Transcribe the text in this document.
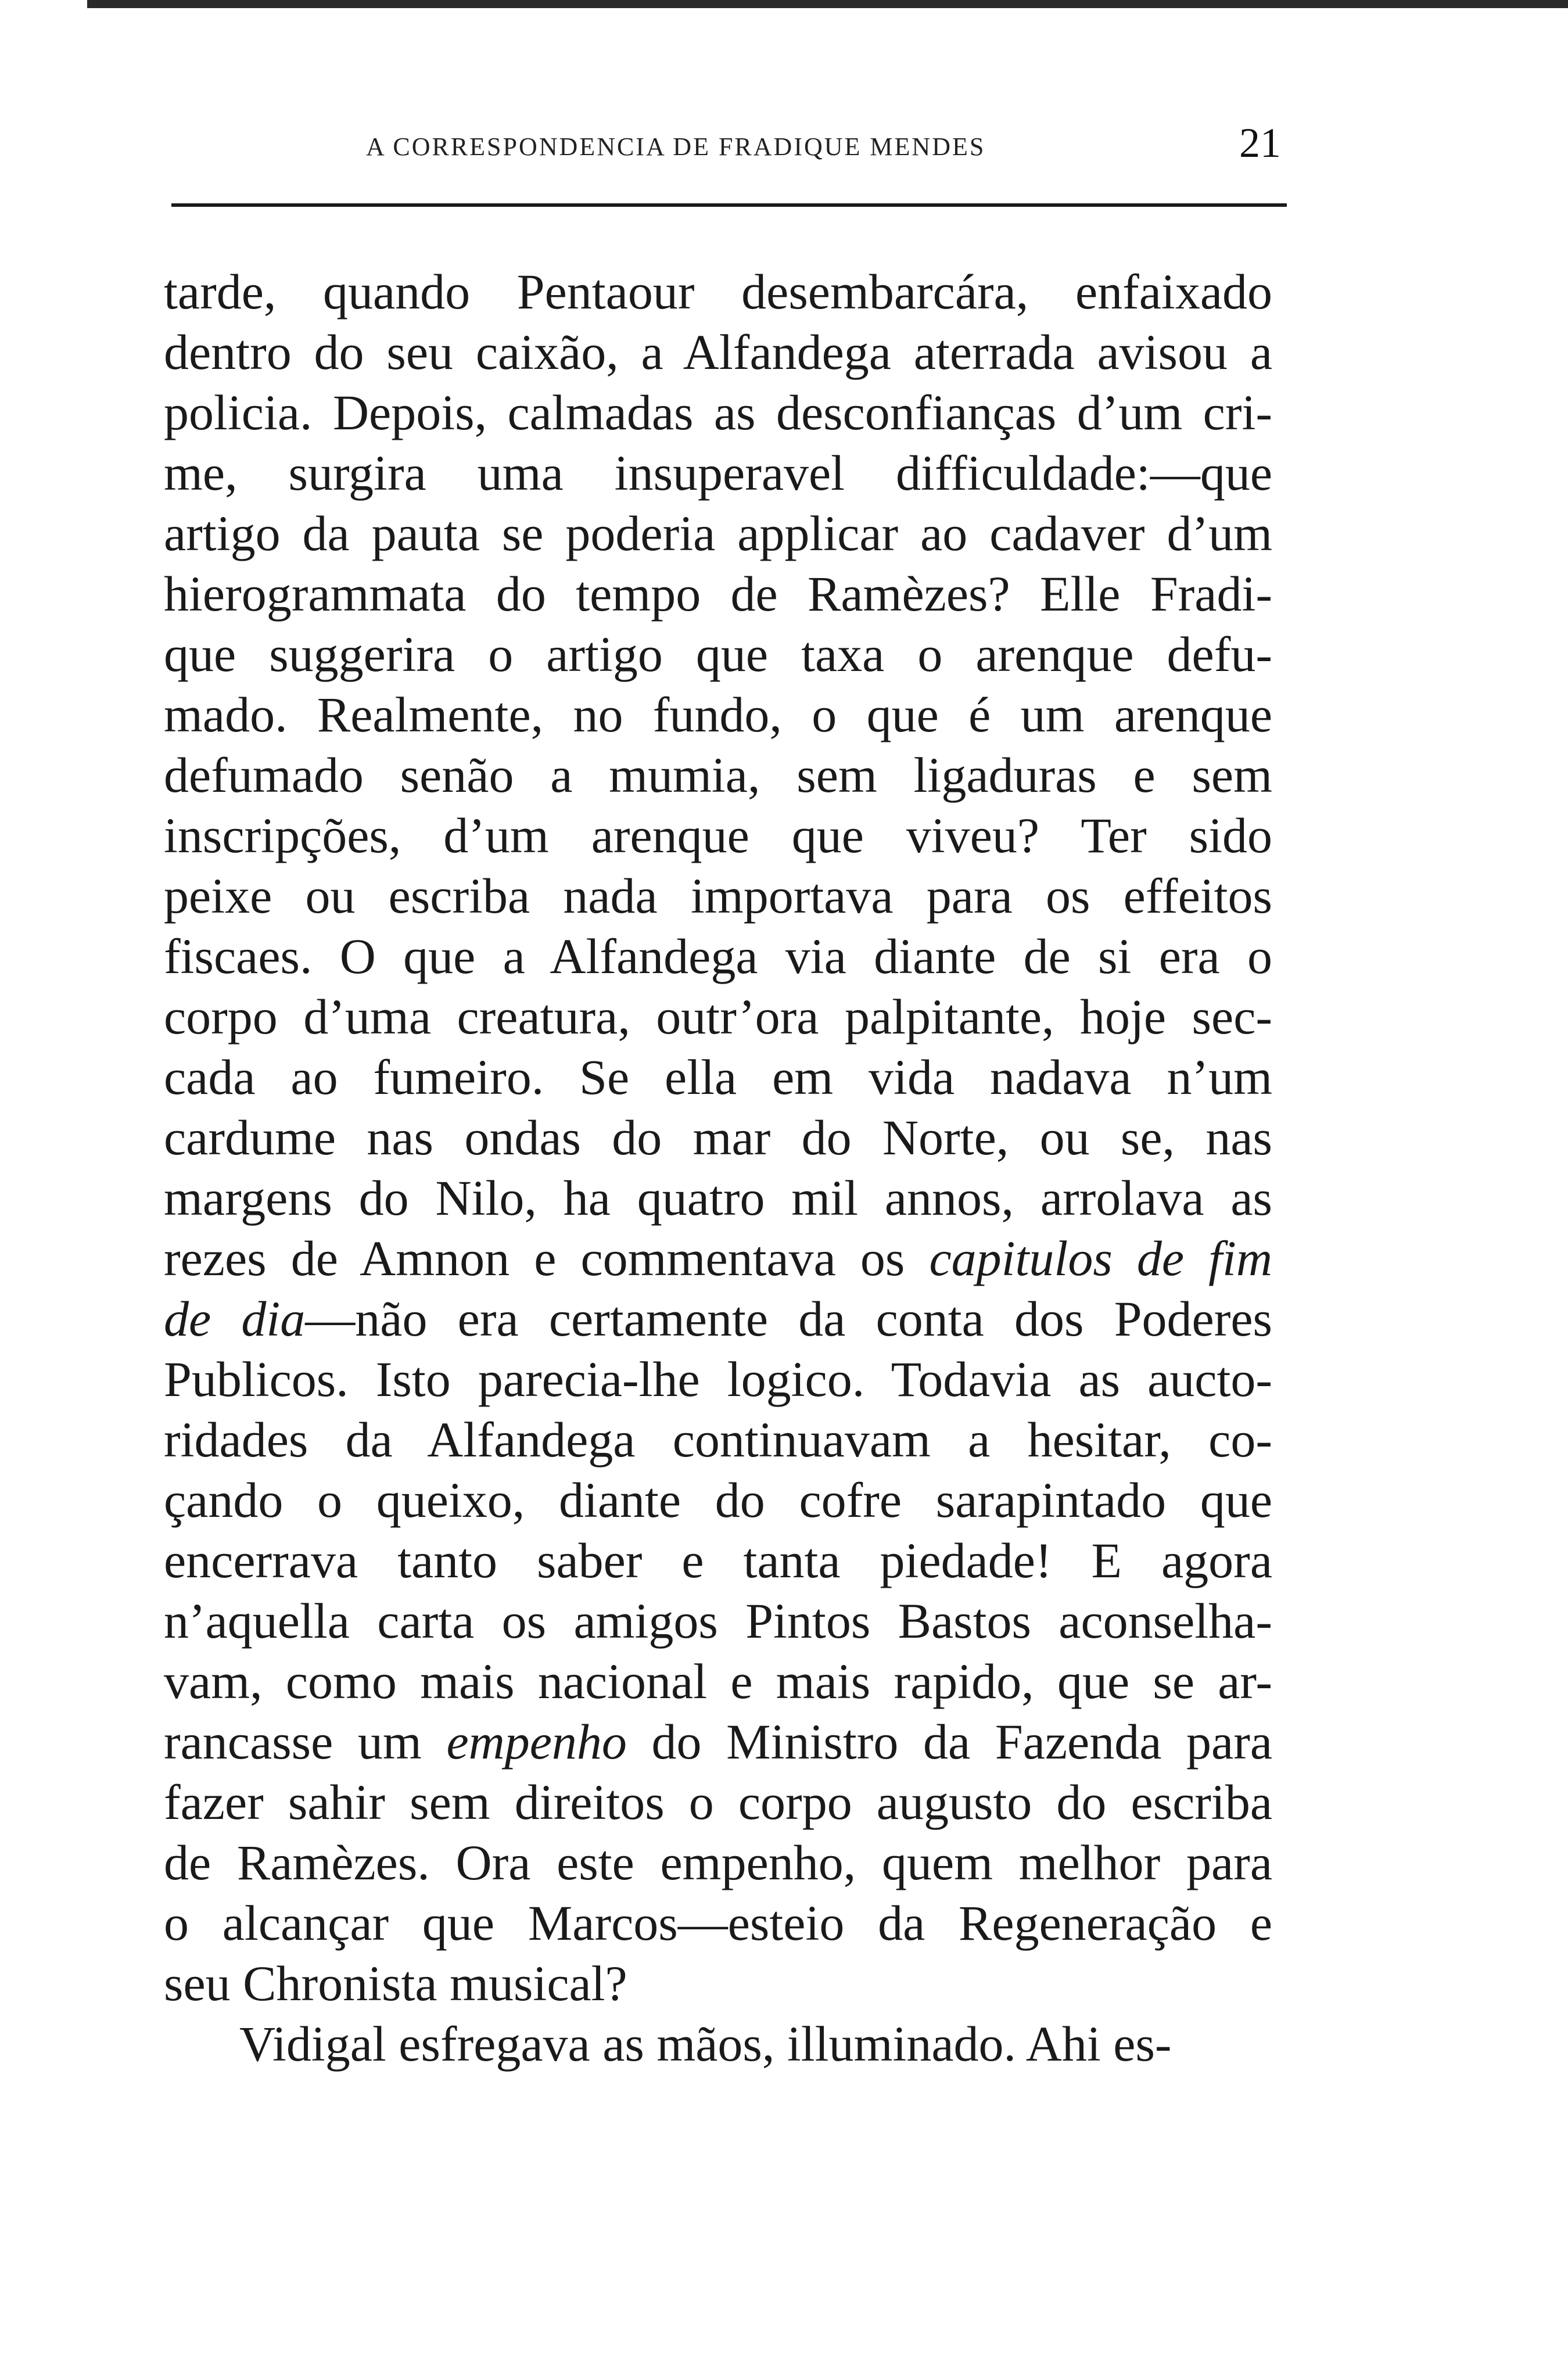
A CORRESPONDENCIA DE FRADIQUE MENDES	21
tarde, quando Pentaour desembarcára, enfaixado
dentro do seu caixão, a Alfandega aterrada avisou a
policia. Depois, calmadas as desconfianças d’um cri-
me, surgira uma insuperavel difficuldade:—que
artigo da pauta se poderia applicar ao cadaver d’um
hierogrammata do tempo de Ramèzes? Elle Fradi-
que suggerira o artigo que taxa o arenque defu-
mado. Realmente, no fundo, o que é um arenque
defumado senão a mumia, sem ligaduras e sem
inscripções, d’um arenque que viveu? Ter sido
peixe ou escriba nada importava para os effeitos
fiscaes. O que a Alfandega via diante de si era o
corpo d’uma creatura, outr’ora palpitante, hoje sec-
cada ao fumeiro. Se ella em vida nadava n’um
cardume nas ondas do mar do Norte, ou se, nas
margens do Nilo, ha quatro mil annos, arrolava as
rezes de Amnon e commentava os capitulos de fim
de dia—não era certamente da conta dos Poderes
Publicos. Isto parecia-lhe logico. Todavia as aucto-
ridades da Alfandega continuavam a hesitar, co-
çando o queixo, diante do cofre sarapintado que
encerrava tanto saber e tanta piedade! E agora
n’aquella carta os amigos Pintos Bastos aconselha-
vam, como mais nacional e mais rapido, que se ar-
rancasse um empenho do Ministro da Fazenda para
fazer sahir sem direitos o corpo augusto do escriba
de Ramèzes. Ora este empenho, quem melhor para
o alcançar que Marcos—esteio da Regeneração e
seu Chronista musical?
Vidigal esfregava as mãos, illuminado. Ahi es-
